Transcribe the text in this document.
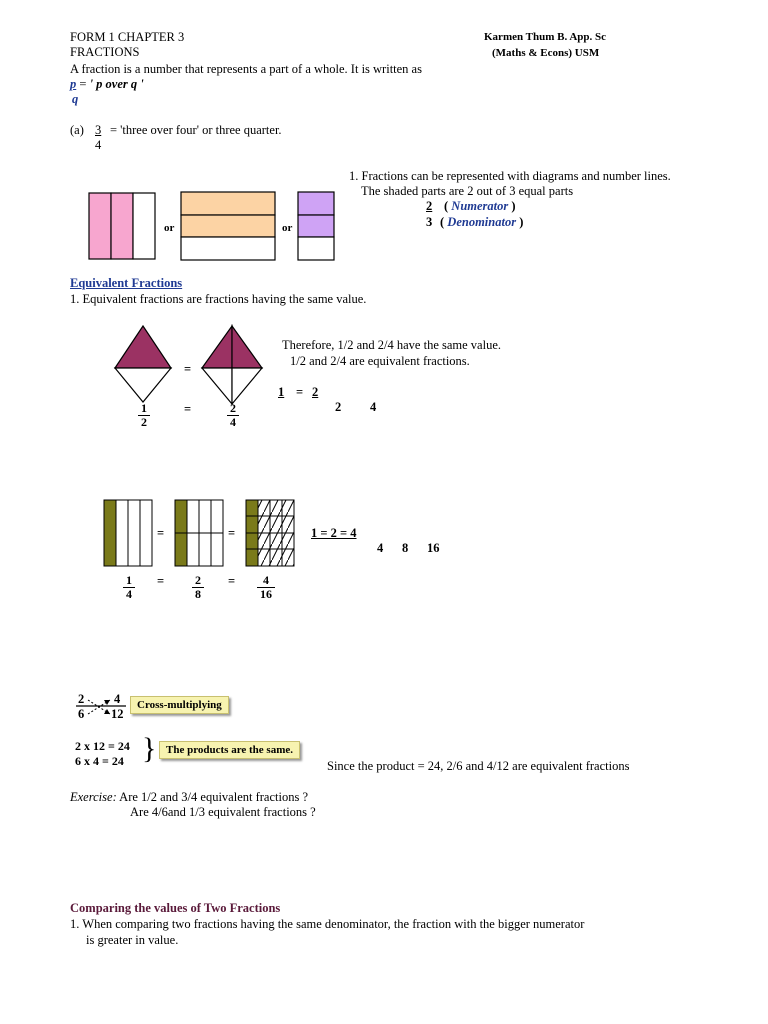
FORM 1 CHAPTER 3
FRACTIONS
Karmen Thum B. App. Sc
(Maths & Econs) USM
A fraction is a number that represents a part of a whole. It is written as
p = ' p over q '
q
(a) 3
4
= 'three over four' or three quarter.
1. Fractions can be represented with diagrams and number lines.
The shaded parts are 2 out of 3 equal parts
2 ( Numerator )
3 ( Denominator )
or	or
Equivalent Fractions
1. Equivalent fractions are fractions having the same value.
Therefore, 1/2 and 2/4 have the same value.
1/2 and 2/4 are equivalent fractions.
=
$\frac{1}{2}$	=	$\frac{2}{4}$
1 = 2
2 4
=	=
$\frac{1}{4} = \frac{2}{8} = \frac{4}{16}$
1 = 2 = 4
4 8 16
2
6
4
12
Cross-multiplying
2 x 12 = 24
6 x 4 = 24 } The products are the same.
Since the product = 24, 2/6 and 4/12 are equivalent fractions
Exercise: Are 1/2 and 3/4 equivalent fractions ?
Are 4/6and 1/3 equivalent fractions ?
Comparing the values of Two Fractions
1. When comparing two fractions having the same denominator, the fraction with the bigger numerator
is greater in value.
